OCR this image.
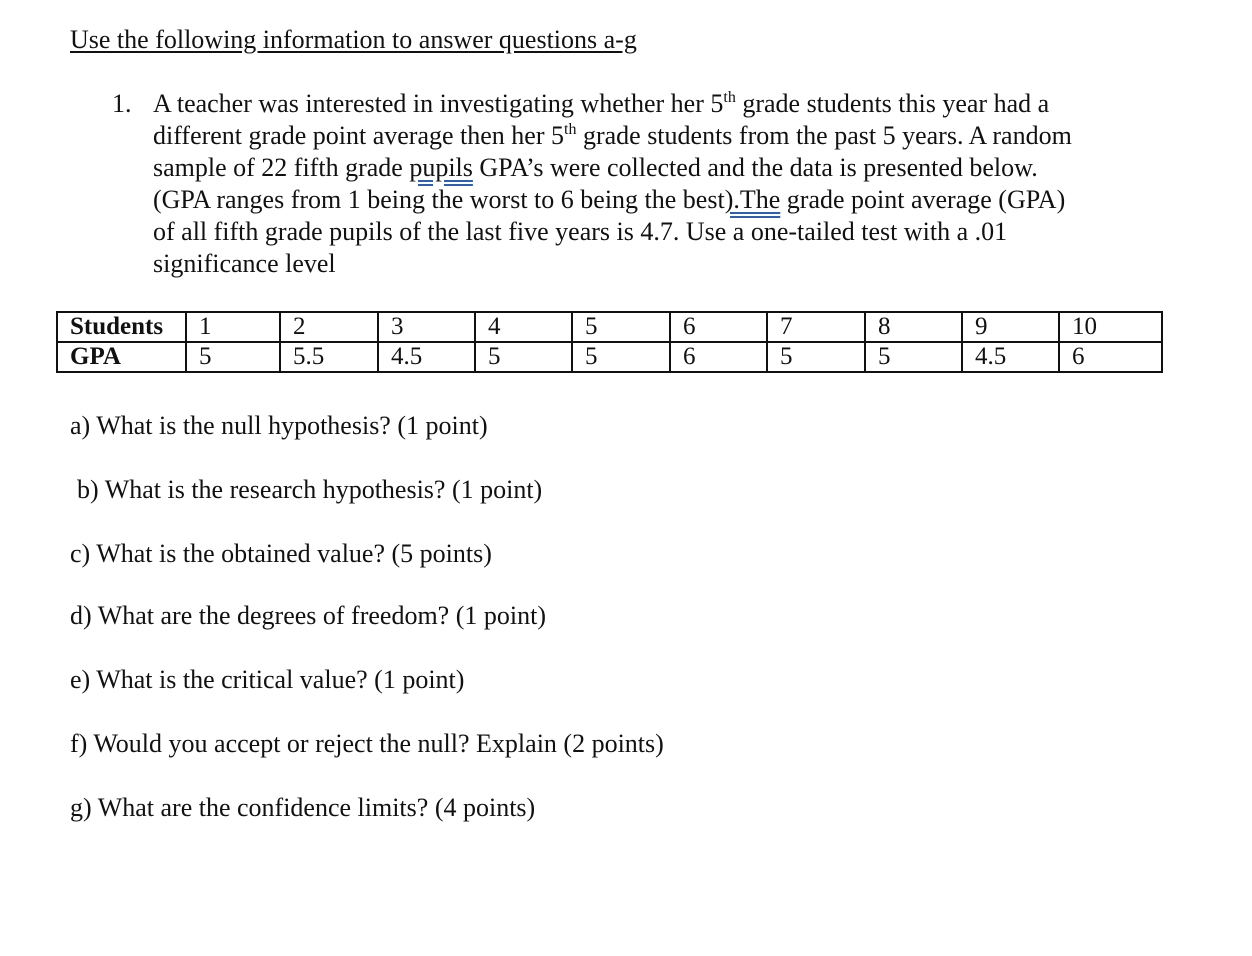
Use the following information to answer questions a-g
1. A teacher was interested in investigating whether her 5th grade students this year had a
different grade point average then her 5th grade students from the past 5 years. A random
sample of 22 fifth grade pupils GPA’s were collected and the data is presented below.
(GPA ranges from 1 being the worst to 6 being the best).The grade point average (GPA)
of all fifth grade pupils of the last five years is 4.7. Use a one-tailed test with a .01
significance level
Students	1	2	3	4	5	6	7	8	9	10
GPA	5	5.5	4.5	5	5	6	5	5	4.5	6
a) What is the null hypothesis? (1 point)
b) What is the research hypothesis? (1 point)
c) What is the obtained value? (5 points)
d) What are the degrees of freedom? (1 point)
e) What is the critical value? (1 point)
f) Would you accept or reject the null? Explain (2 points)
g) What are the confidence limits? (4 points)
